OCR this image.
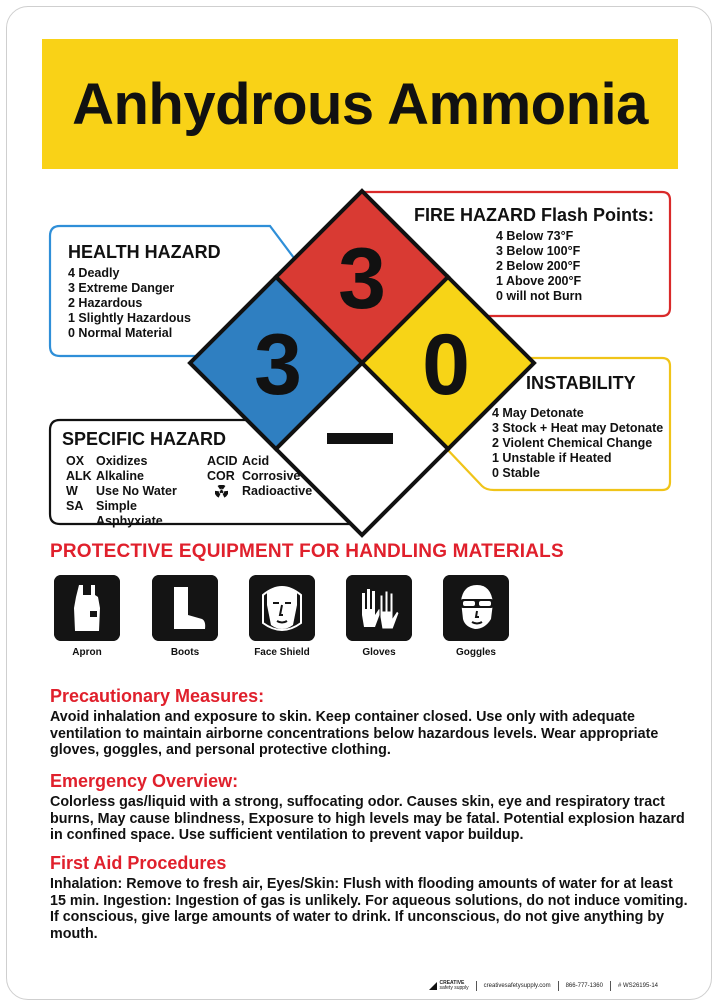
Anhydrous Ammonia
3
3 0
HEALTH HAZARD
4 Deadly
3 Extreme Danger
2 Hazardous
1 Slightly Hazardous
0 Normal Material
FIRE HAZARD Flash Points:
4 Below 73°F
3 Below 100°F
2 Below 200°F
1 Above 200°F
0 will not Burn
INSTABILITY
4 May Detonate
3 Stock + Heat may Detonate
2 Violent Chemical Change
1 Unstable if Heated
0 Stable
SPECIFIC HAZARD
OX Oxidizes
ALK Alkaline
W	Use No Water
SA	Simple Asphyxiate
ACID Acid
COR Corrosive
Radioactive
PROTECTIVE EQUIPMENT FOR HANDLING MATERIALS
Apron	Boots	Face Shield	Gloves	Goggles
Precautionary Measures:
Avoid inhalation and exposure to skin. Keep container closed. Use only with adequate ventilation to maintain airborne concentrations below hazardous levels. Wear appropriate gloves, goggles, and personal protective clothing.
Emergency Overview:
Colorless gas/liquid with a strong, suffocating odor. Causes skin, eye and respiratory tract burns, May cause blindness, Exposure to high levels may be fatal. Potential explosion hazard in confined space. Use sufficient ventilation to prevent vapor buildup.
First Aid Procedures
Inhalation: Remove to fresh air, Eyes/Skin: Flush with flooding amounts of water for at least 15 min. Ingestion: Ingestion of gas is unlikely. For aqueous solutions, do not induce vomiting. If conscious, give large amounts of water to drink. If unconscious, do not give anything by mouth.
CREATIVE
safety supply	creativesafetysupply.com	866-777-1360	# WS26195-14
